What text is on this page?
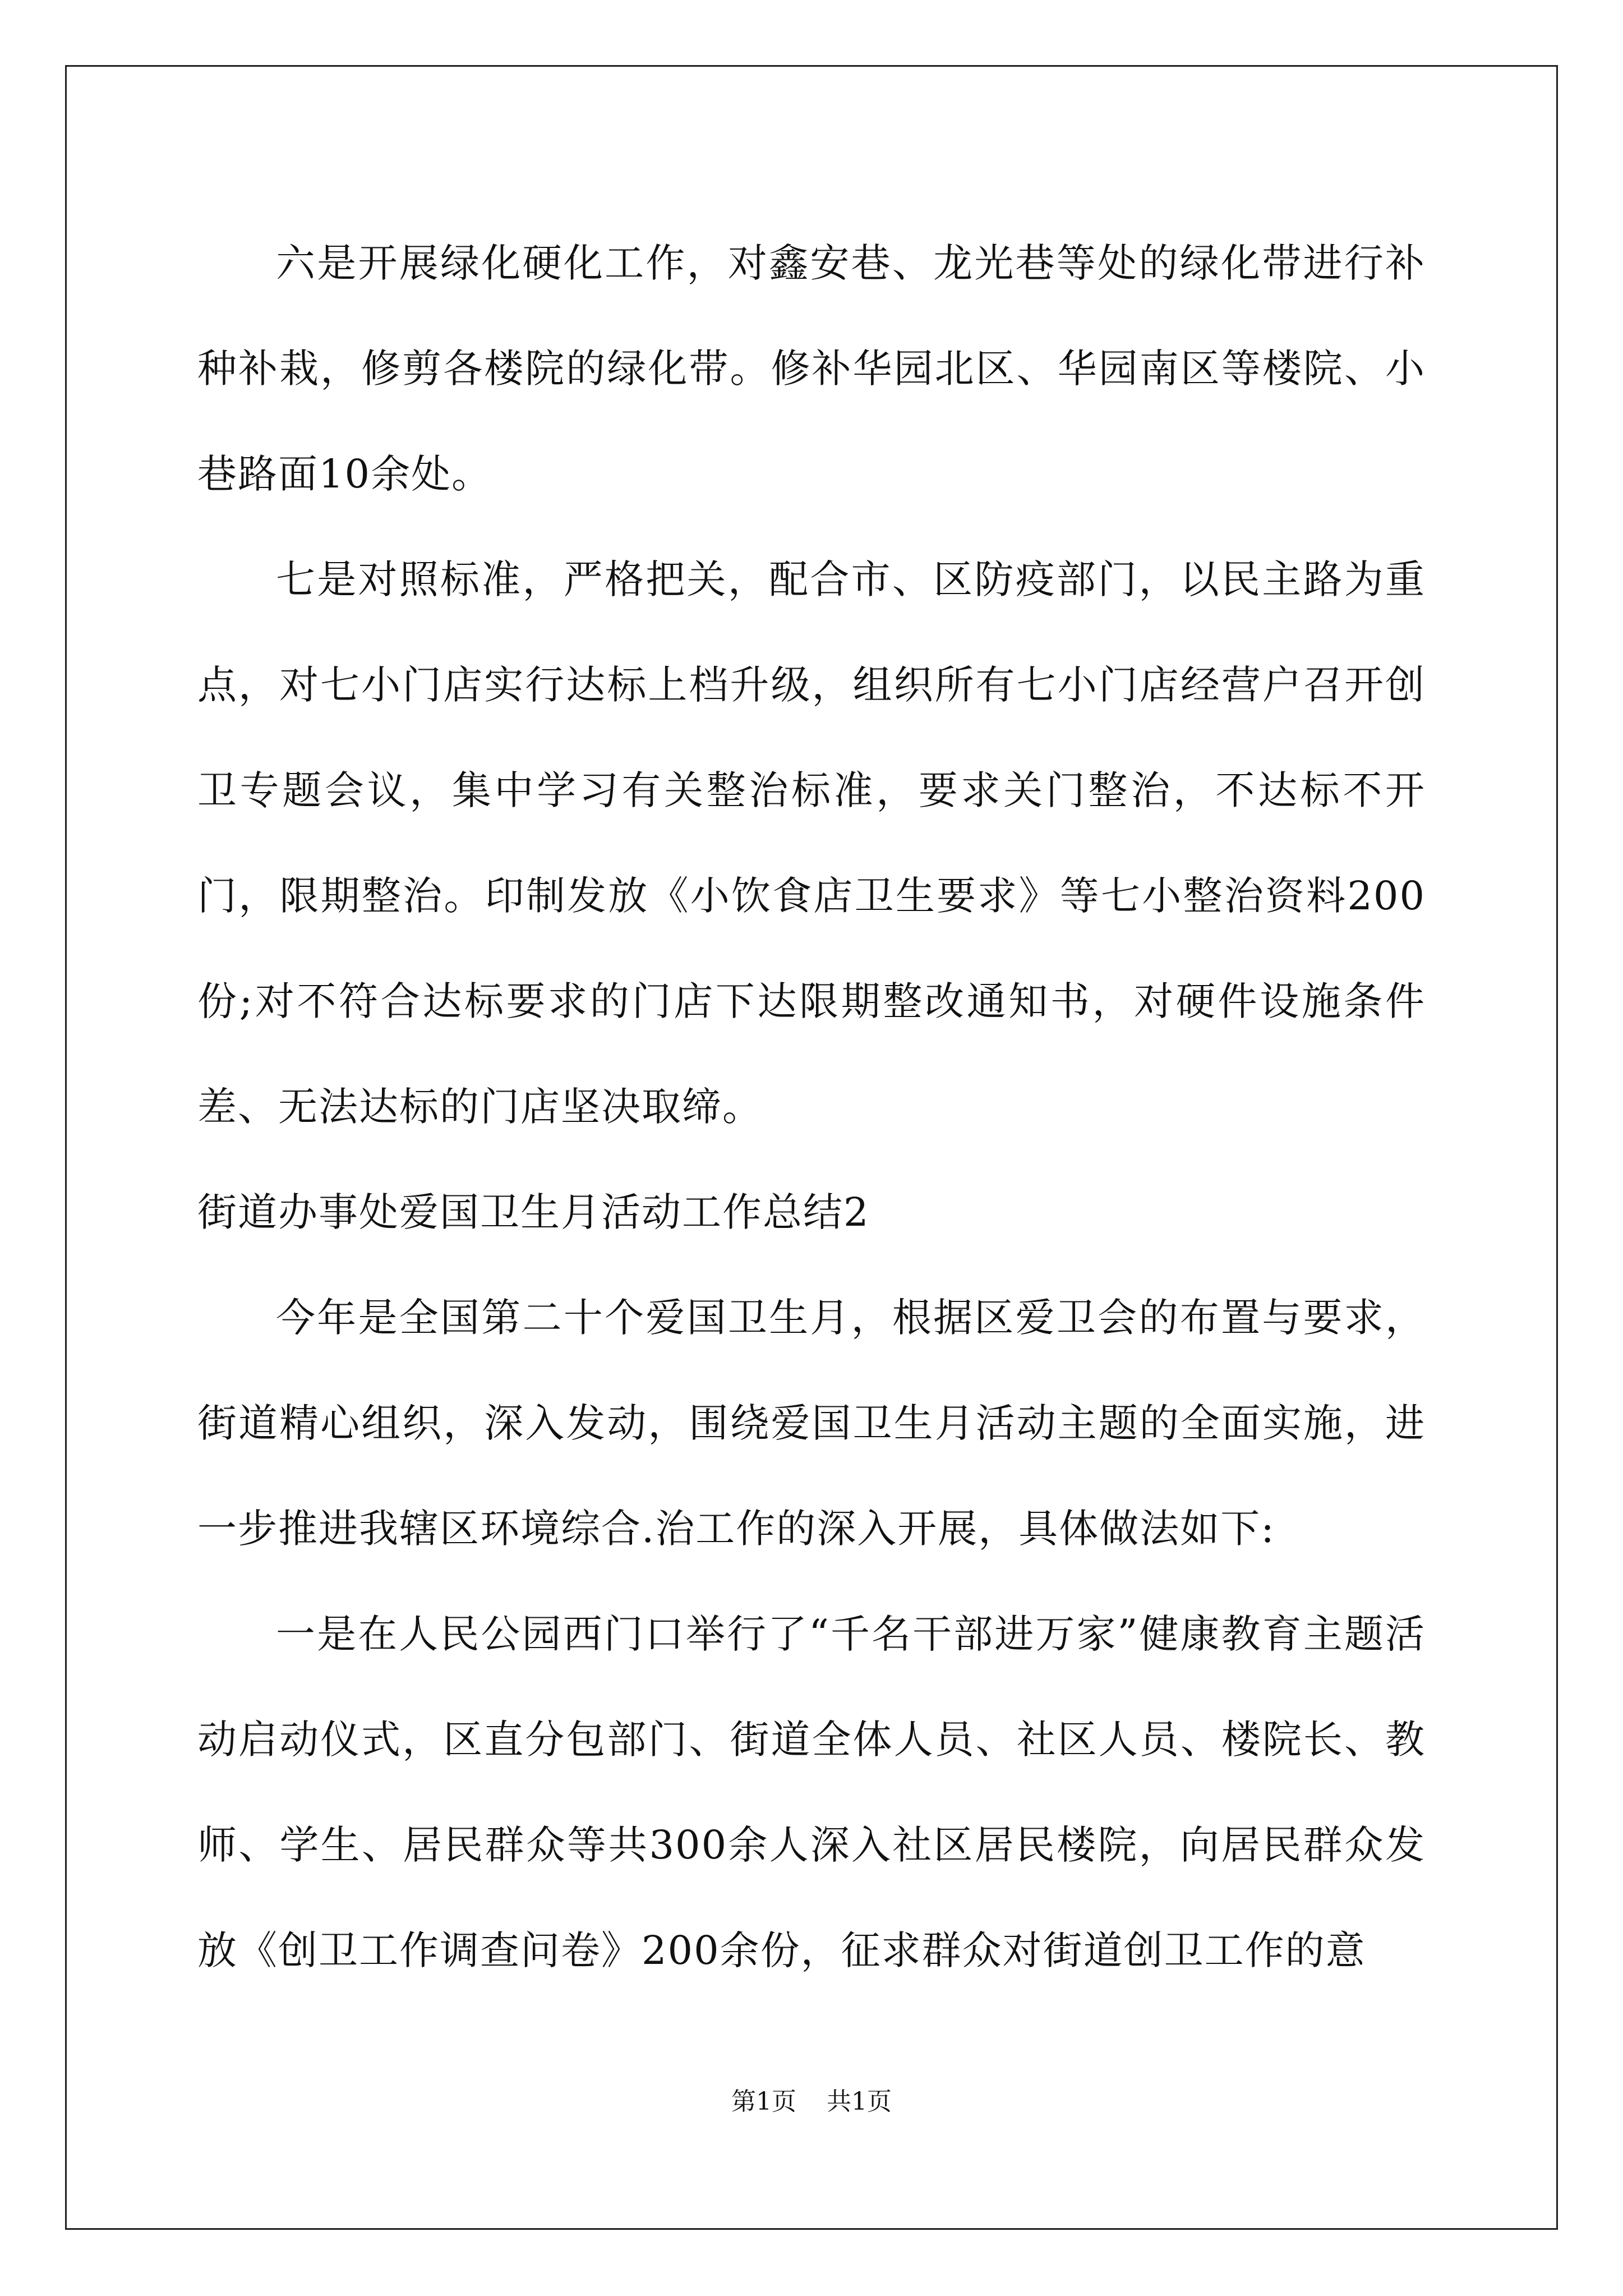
六是开展绿化硬化工作，对鑫安巷、龙光巷等处的绿化带进行补种补栽，修剪各楼院的绿化带。修补华园北区、华园南区等楼院、小巷路面10余处。

七是对照标准，严格把关，配合市、区防疫部门，以民主路为重点，对七小门店实行达标上档升级，组织所有七小门店经营户召开创卫专题会议，集中学习有关整治标准，要求关门整治，不达标不开门，限期整治。印制发放《小饮食店卫生要求》等七小整治资料200份;对不符合达标要求的门店下达限期整改通知书，对硬件设施条件差、无法达标的门店坚决取缔。

街道办事处爱国卫生月活动工作总结2

今年是全国第二十个爱国卫生月，根据区爱卫会的布置与要求，街道精心组织，深入发动，围绕爱国卫生月活动主题的全面实施，进一步推进我辖区环境综合.治工作的深入开展，具体做法如下:

一是在人民公园西门口举行了“千名干部进万家”健康教育主题活动启动仪式，区直分包部门、街道全体人员、社区人员、楼院长、教师、学生、居民群众等共300余人深入社区居民楼院，向居民群众发放《创卫工作调查问卷》200余份，征求群众对街道创卫工作的意

第1页 共1页
